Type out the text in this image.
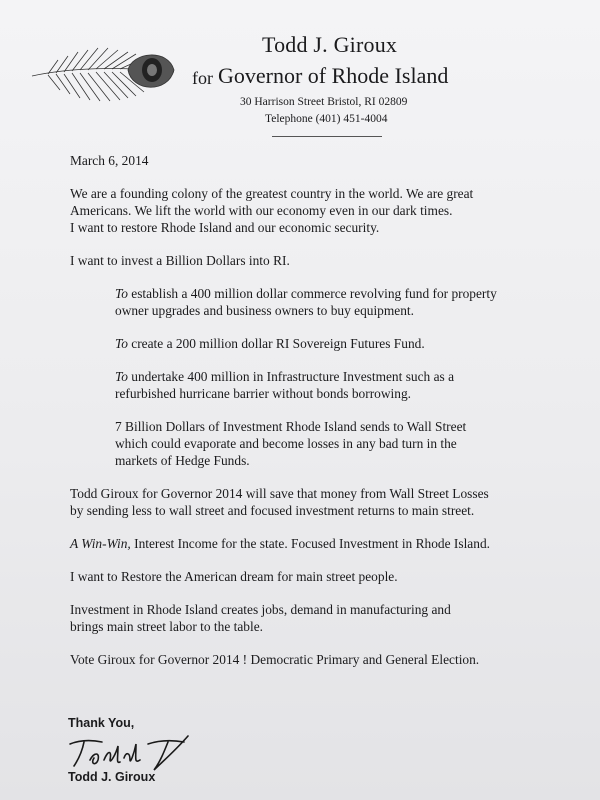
Todd J. Giroux
for Governor of Rhode Island
30 Harrison Street Bristol, RI 02809
Telephone (401) 451-4004

March 6, 2014

We are a founding colony of the greatest country in the world. We are great
Americans. We lift the world with our economy even in our dark times.
I want to restore Rhode Island and our economic security.

I want to invest a Billion Dollars into RI.

To establish a 400 million dollar commerce revolving fund for property
owner upgrades and business owners to buy equipment.

To create a 200 million dollar RI Sovereign Futures Fund.

To undertake 400 million in Infrastructure Investment such as a
refurbished hurricane barrier without bonds borrowing.

7 Billion Dollars of Investment Rhode Island sends to Wall Street
which could evaporate and become losses in any bad turn in the
markets of Hedge Funds.

Todd Giroux for Governor 2014 will save that money from Wall Street Losses
by sending less to wall street and focused investment returns to main street.

A Win-Win, Interest Income for the state. Focused Investment in Rhode Island.

I want to Restore the American dream for main street people.

Investment in Rhode Island creates jobs, demand in manufacturing and
brings main street labor to the table.

Vote Giroux for Governor 2014 ! Democratic Primary and General Election.

Thank You,
Todd J. Giroux
